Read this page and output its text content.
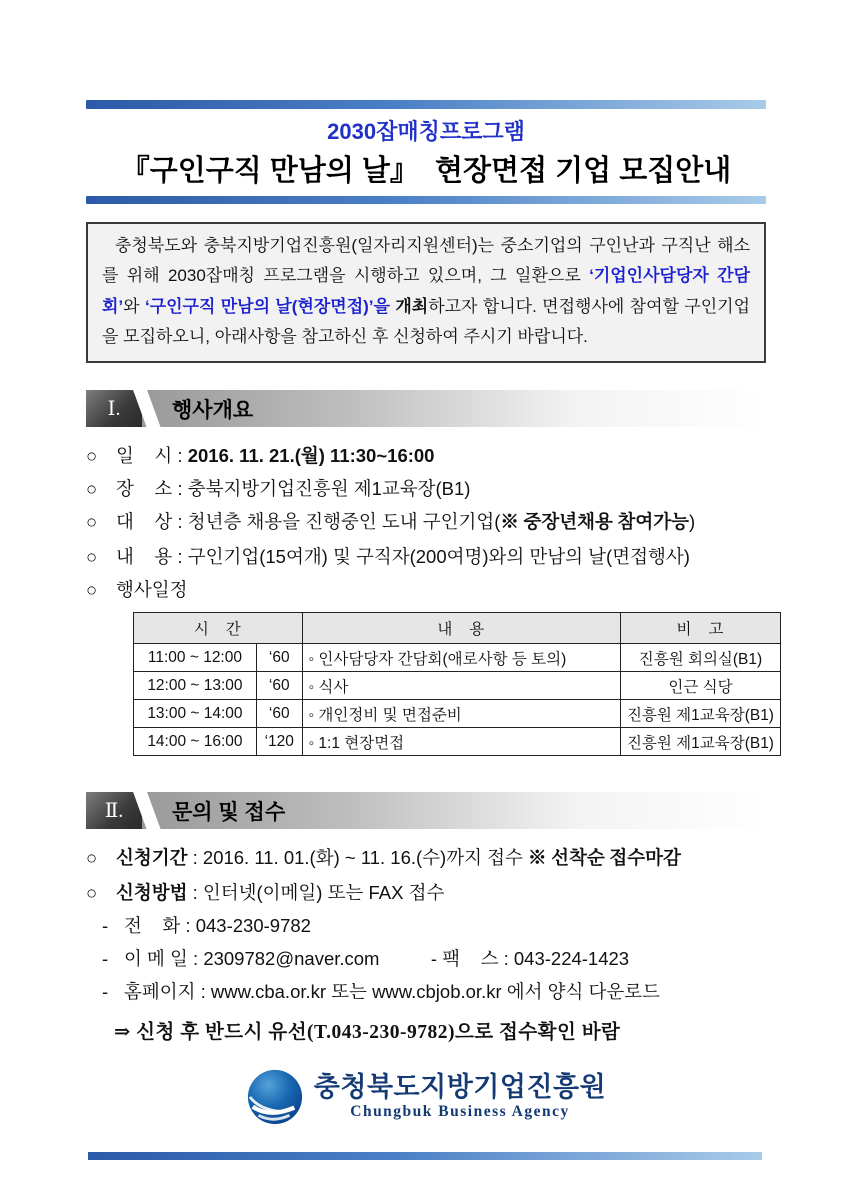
2030잡매칭프로그램
『구인구직 만남의 날』  현장면접 기업 모집안내
충청북도와 충북지방기업진흥원(일자리지원센터)는 중소기업의 구인난과 구직난 해소를 위해 2030잡매칭 프로그램을 시행하고 있으며, 그 일환으로 ‘기업인사담당자 간담회’와 ‘구인구직 만남의 날(현장면접)’을 개최하고자 합니다. 면접행사에 참여할 구인기업을 모집하오니, 아래사항을 참고하신 후 신청하여 주시기 바랍니다.
Ⅰ.	행사개요
○	일    시 : 2016. 11. 21.(월) 11:30~16:00
○	장    소 : 충북지방기업진흥원 제1교육장(B1)
○	대    상 : 청년층 채용을 진행중인 도내 구인기업(※ 중장년채용 참여가능)
○	내    용 : 구인기업(15여개) 및 구직자(200여명)와의 만남의 날(면접행사)
○	행사일정
시   간		내   용	비   고
11:00 ~ 12:00	‘60	◦ 인사담당자 간담회(애로사항 등 토의)	진흥원 회의실(B1)
12:00 ~ 13:00	‘60	◦ 식사	인근 식당
13:00 ~ 14:00	‘60	◦ 개인정비 및 면접준비	진흥원 제1교육장(B1)
14:00 ~ 16:00	‘120	◦ 1:1 현장면접	진흥원 제1교육장(B1)
Ⅱ.	문의 및 접수
○	신청기간 : 2016. 11. 01.(화) ~ 11. 16.(수)까지 접수 ※ 선착순 접수마감
○	신청방법 : 인터넷(이메일) 또는 FAX 접수
- 전    화 : 043-230-9782
- 이 메 일 : 2309782@naver.com          - 팩    스 : 043-224-1423
- 홈페이지 : www.cba.or.kr 또는 www.cbjob.or.kr 에서 양식 다운로드
⇒ 신청 후 반드시 유선(T.043-230-9782)으로 접수확인 바람
충청북도지방기업진흥원
Chungbuk Business Agency
